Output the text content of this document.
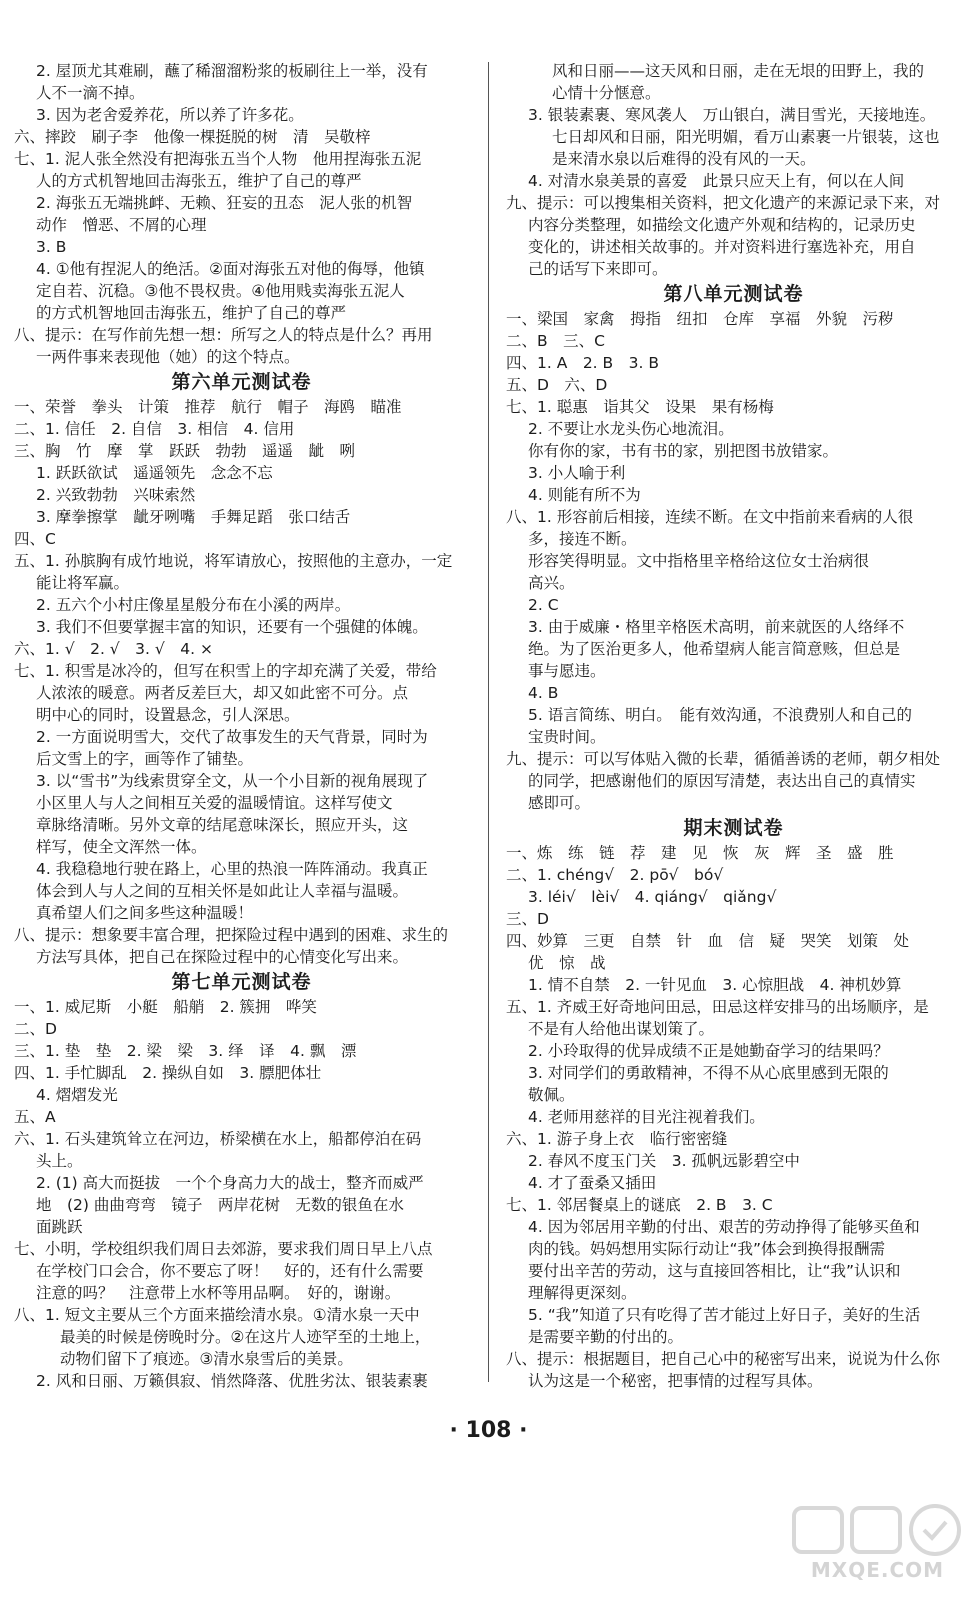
2. 屋顶尤其难刷，蘸了稀溜溜粉浆的板刷往上一举，没有
人不一滴不掉。
3. 因为老舍爱养花，所以养了许多花。
六、摔跤　刷子李　他像一棵挺脱的树　清　吴敬梓
七、1. 泥人张全然没有把海张五当个人物　他用捏海张五泥
人的方式机智地回击海张五，维护了自己的尊严
2. 海张五无端挑衅、无赖、狂妄的丑态　泥人张的机智
动作　憎恶、不屑的心理
3. B
4. ①他有捏泥人的绝活。②面对海张五对他的侮辱，他镇
定自若、沉稳。③他不畏权贵。④他用贱卖海张五泥人
的方式机智地回击海张五，维护了自己的尊严
八、提示：在写作前先想一想：所写之人的特点是什么？再用
一两件事来表现他（她）的这个特点。
第六单元测试卷
一、荣誉　拳头　计策　推荐　航行　帽子　海鸥　瞄准
二、1. 信任　2. 自信　3. 相信　4. 信用
三、胸　竹　摩　掌　跃跃　勃勃　遥遥　龇　咧
1. 跃跃欲试　遥遥领先　念念不忘
2. 兴致勃勃　兴味索然
3. 摩拳擦掌　龇牙咧嘴　手舞足蹈　张口结舌
四、C
五、1. 孙膑胸有成竹地说，将军请放心，按照他的主意办，一定
能让将军赢。
2. 五六个小村庄像星星般分布在小溪的两岸。
3. 我们不但要掌握丰富的知识，还要有一个强健的体魄。
六、1. √　2. √　3. √　4. ×
七、1. 积雪是冰冷的，但写在积雪上的字却充满了关爱，带给
人浓浓的暖意。两者反差巨大，却又如此密不可分。点
明中心的同时，设置悬念，引人深思。
2. 一方面说明雪大，交代了故事发生的天气背景，同时为
后文雪上的字，画等作了铺垫。
3. 以“雪书”为线索贯穿全文，从一个小目新的视角展现了
小区里人与人之间相互关爱的温暖情谊。这样写使文
章脉络清晰。另外文章的结尾意味深长，照应开头，这
样写，使全文浑然一体。
4. 我稳稳地行驶在路上，心里的热浪一阵阵涌动。我真正
体会到人与人之间的互相关怀是如此让人幸福与温暖。
真希望人们之间多些这种温暖！
八、提示：想象要丰富合理，把探险过程中遇到的困难、求生的
方法写具体，把自己在探险过程中的心情变化写出来。
第七单元测试卷
一、1. 威尼斯　小艇　船艄　2. 簇拥　哗笑
二、D
三、1. 垫　垫　2. 梁　梁　3. 绎　译　4. 飘　漂
四、1. 手忙脚乱　2. 操纵自如　3. 膘肥体壮
4. 熠熠发光
五、A
六、1. 石头建筑耸立在河边，桥梁横在水上，船都停泊在码
头上。
2. (1) 高大而挺拔　一个个身高力大的战士，整齐而威严
地　(2) 曲曲弯弯　镜子　两岸花树　无数的银鱼在水
面跳跃
七、小明，学校组织我们周日去郊游，要求我们周日早上八点
在学校门口会合，你不要忘了呀！　好的，还有什么需要
注意的吗？　注意带上水杯等用品啊。　好的，谢谢。
八、1. 短文主要从三个方面来描绘清水泉。①清水泉一天中
最美的时候是傍晚时分。②在这片人迹罕至的土地上，
动物们留下了痕迹。③清水泉雪后的美景。
2. 风和日丽、万籁俱寂、悄然降落、优胜劣汰、银装素裹
风和日丽——这天风和日丽，走在无垠的田野上，我的
心情十分惬意。
3. 银装素裹、寒风袭人　万山银白，满目雪光，天接地连。
七日却风和日丽，阳光明媚，看万山素裹一片银装，这也
是来清水泉以后难得的没有风的一天。
4. 对清水泉美景的喜爱　此景只应天上有，何以在人间
九、提示：可以搜集相关资料，把文化遗产的来源记录下来，对
内容分类整理，如描绘文化遗产外观和结构的，记录历史
变化的，讲述相关故事的。并对资料进行塞选补充，用自
己的话写下来即可。
第八单元测试卷
一、梁国　家禽　拇指　纽扣　仓库　享福　外貌　污秽
二、B　三、C
四、1. A　2. B　3. B
五、D　六、D
七、1. 聪惠　诣其父　设果　果有杨梅
2. 不要让水龙头伤心地流泪。
你有你的家，书有书的家，别把图书放错家。
3. 小人喻于利
4. 则能有所不为
八、1. 形容前后相接，连续不断。在文中指前来看病的人很
多，接连不断。
形容笑得明显。文中指格里辛格给这位女士治病很
高兴。
2. C
3. 由于威廉・格里辛格医术高明，前来就医的人络绎不
绝。为了医治更多人，他希望病人能言简意赅，但总是
事与愿违。
4. B
5. 语言简练、明白。　能有效沟通，不浪费别人和自己的
宝贵时间。
九、提示：可以写体贴入微的长辈，循循善诱的老师，朝夕相处
的同学，把感谢他们的原因写清楚，表达出自己的真情实
感即可。
期末测试卷
一、炼　练　链　荐　建　见　恢　灰　辉　圣　盛　胜
二、1. chéng√　2. pō√　bó√
3. léi√　lèi√　4. qiáng√　qiǎng√
三、D
四、妙算　三更　自禁　针　血　信　疑　哭笑　划策　处
优　惊　战
1. 情不自禁　2. 一针见血　3. 心惊胆战　4. 神机妙算
五、1. 齐威王好奇地问田忌，田忌这样安排马的出场顺序，是
不是有人给他出谋划策了。
2. 小玲取得的优异成绩不正是她勤奋学习的结果吗？
3. 对同学们的勇敢精神，不得不从心底里感到无限的
敬佩。
4. 老师用慈祥的目光注视着我们。
六、1. 游子身上衣　临行密密缝
2. 春风不度玉门关　3. 孤帆远影碧空中
4. 才了蚕桑又插田
七、1. 邻居餐桌上的谜底　2. B　3. C
4. 因为邻居用辛勤的付出、艰苦的劳动挣得了能够买鱼和
肉的钱。妈妈想用实际行动让“我”体会到换得报酬需
要付出辛苦的劳动，这与直接回答相比，让“我”认识和
理解得更深刻。
5. “我”知道了只有吃得了苦才能过上好日子，美好的生活
是需要辛勤的付出的。
八、提示：根据题目，把自己心中的秘密写出来，说说为什么你
认为这是一个秘密，把事情的过程写具体。
· 108 ·
MXQE.COM
